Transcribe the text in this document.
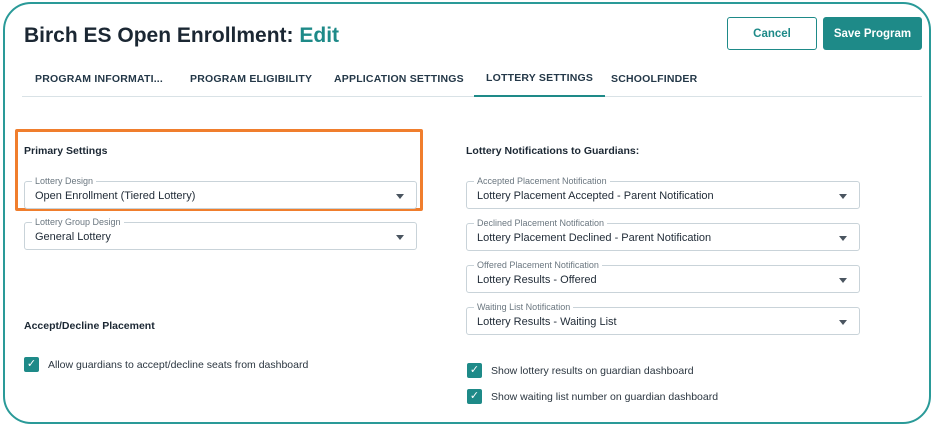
Birch ES Open Enrollment: Edit	Cancel	Save Program
PROGRAM INFORMATI...	PROGRAM ELIGIBILITY APPLICATION SETTINGS	LOTTERY SETTINGS	SCHOOLFINDER
Primary Settings
Lottery Design
Open Enrollment (Tiered Lottery)
Lottery Group Design
General Lottery
Accept/Decline Placement
✓ Allow guardians to accept/decline seats from dashboard
Lottery Notifications to Guardians:
Accepted Placement Notification
Lottery Placement Accepted - Parent Notification
Declined Placement Notification
Lottery Placement Declined - Parent Notification
Offered Placement Notification
Lottery Results - Offered
Waiting List Notification
Lottery Results - Waiting List
✓ Show lottery results on guardian dashboard
✓ Show waiting list number on guardian dashboard
